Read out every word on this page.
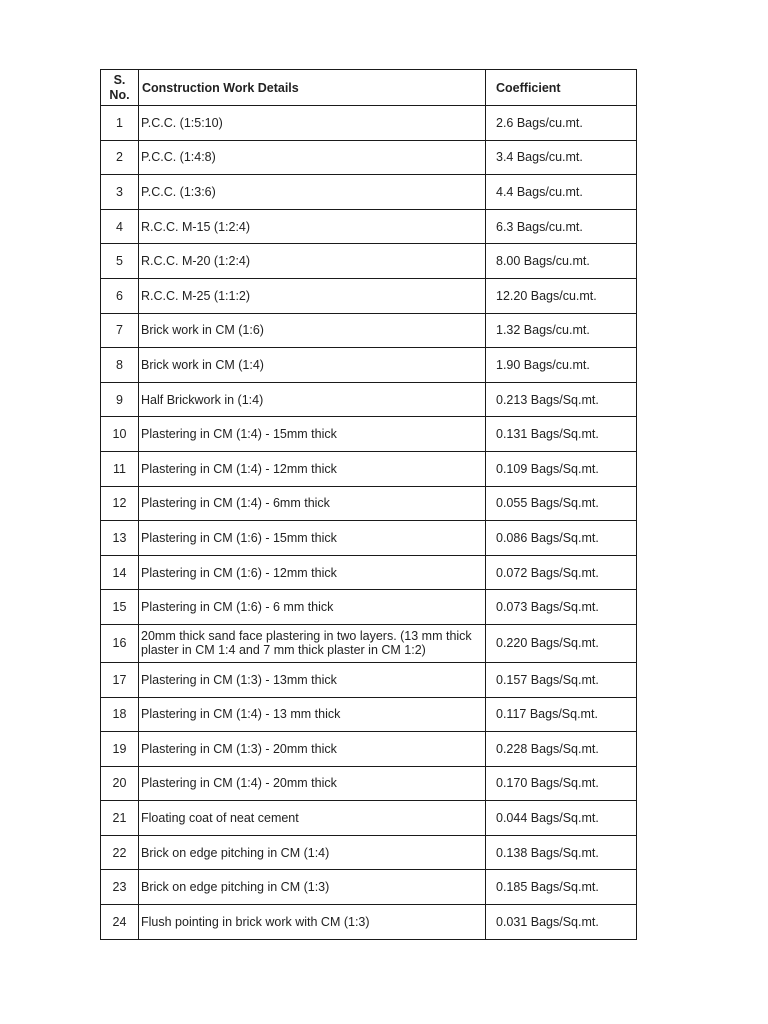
S.
No.	Construction Work Details	Coefficient
1	P.C.C. (1:5:10)	2.6 Bags/cu.mt.
2	P.C.C. (1:4:8)	3.4 Bags/cu.mt.
3	P.C.C. (1:3:6)	4.4 Bags/cu.mt.
4	R.C.C. M-15 (1:2:4)	6.3 Bags/cu.mt.
5	R.C.C. M-20 (1:2:4)	8.00 Bags/cu.mt.
6	R.C.C. M-25 (1:1:2)	12.20 Bags/cu.mt.
7	Brick work in CM (1:6)	1.32 Bags/cu.mt.
8	Brick work in CM (1:4)	1.90 Bags/cu.mt.
9	Half Brickwork in (1:4)	0.213 Bags/Sq.mt.
10	Plastering in CM (1:4) - 15mm thick	0.131 Bags/Sq.mt.
11	Plastering in CM (1:4) - 12mm thick	0.109 Bags/Sq.mt.
12	Plastering in CM (1:4) - 6mm thick	0.055 Bags/Sq.mt.
13	Plastering in CM (1:6) - 15mm thick	0.086 Bags/Sq.mt.
14	Plastering in CM (1:6) - 12mm thick	0.072 Bags/Sq.mt.
15	Plastering in CM (1:6) - 6 mm thick	0.073 Bags/Sq.mt.
16	20mm thick sand face plastering in two layers. (13 mm thick plaster in CM 1:4 and 7 mm thick plaster in CM 1:2)	0.220 Bags/Sq.mt.
17	Plastering in CM (1:3) - 13mm thick	0.157 Bags/Sq.mt.
18	Plastering in CM (1:4) - 13 mm thick	0.117 Bags/Sq.mt.
19	Plastering in CM (1:3) - 20mm thick	0.228 Bags/Sq.mt.
20	Plastering in CM (1:4) - 20mm thick	0.170 Bags/Sq.mt.
21	Floating coat of neat cement	0.044 Bags/Sq.mt.
22	Brick on edge pitching in CM (1:4)	0.138 Bags/Sq.mt.
23	Brick on edge pitching in CM (1:3)	0.185 Bags/Sq.mt.
24	Flush pointing in brick work with CM (1:3)	0.031 Bags/Sq.mt.
